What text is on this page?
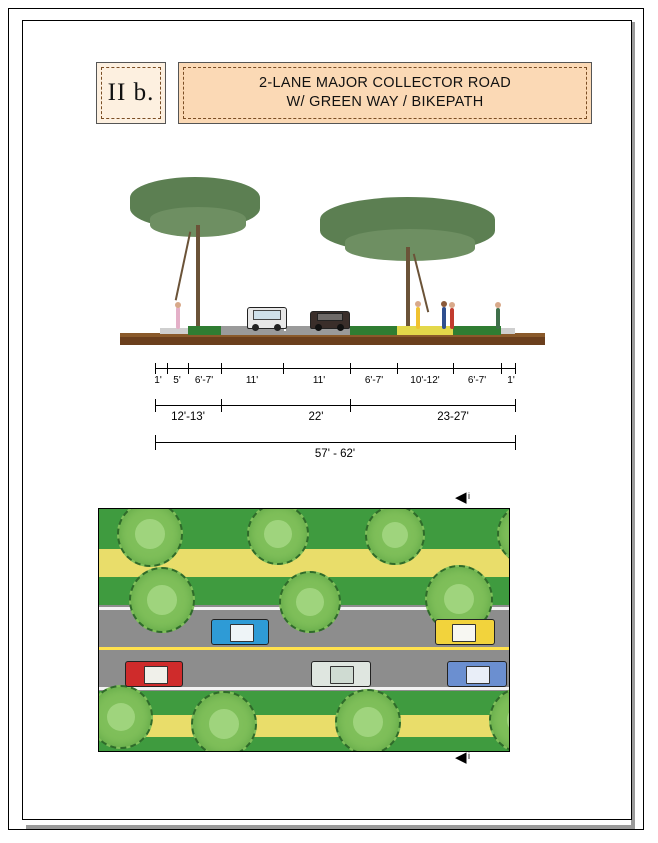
II b.	2-LANE MAJOR COLLECTOR ROAD
W/ GREEN WAY / BIKEPATH
1' 5' 6'-7'	11'	11'	6'-7'	10'-12'	6'-7' 1'
12'-13'	22'	23-27'
57' - 62'
◀ i
◀ i
